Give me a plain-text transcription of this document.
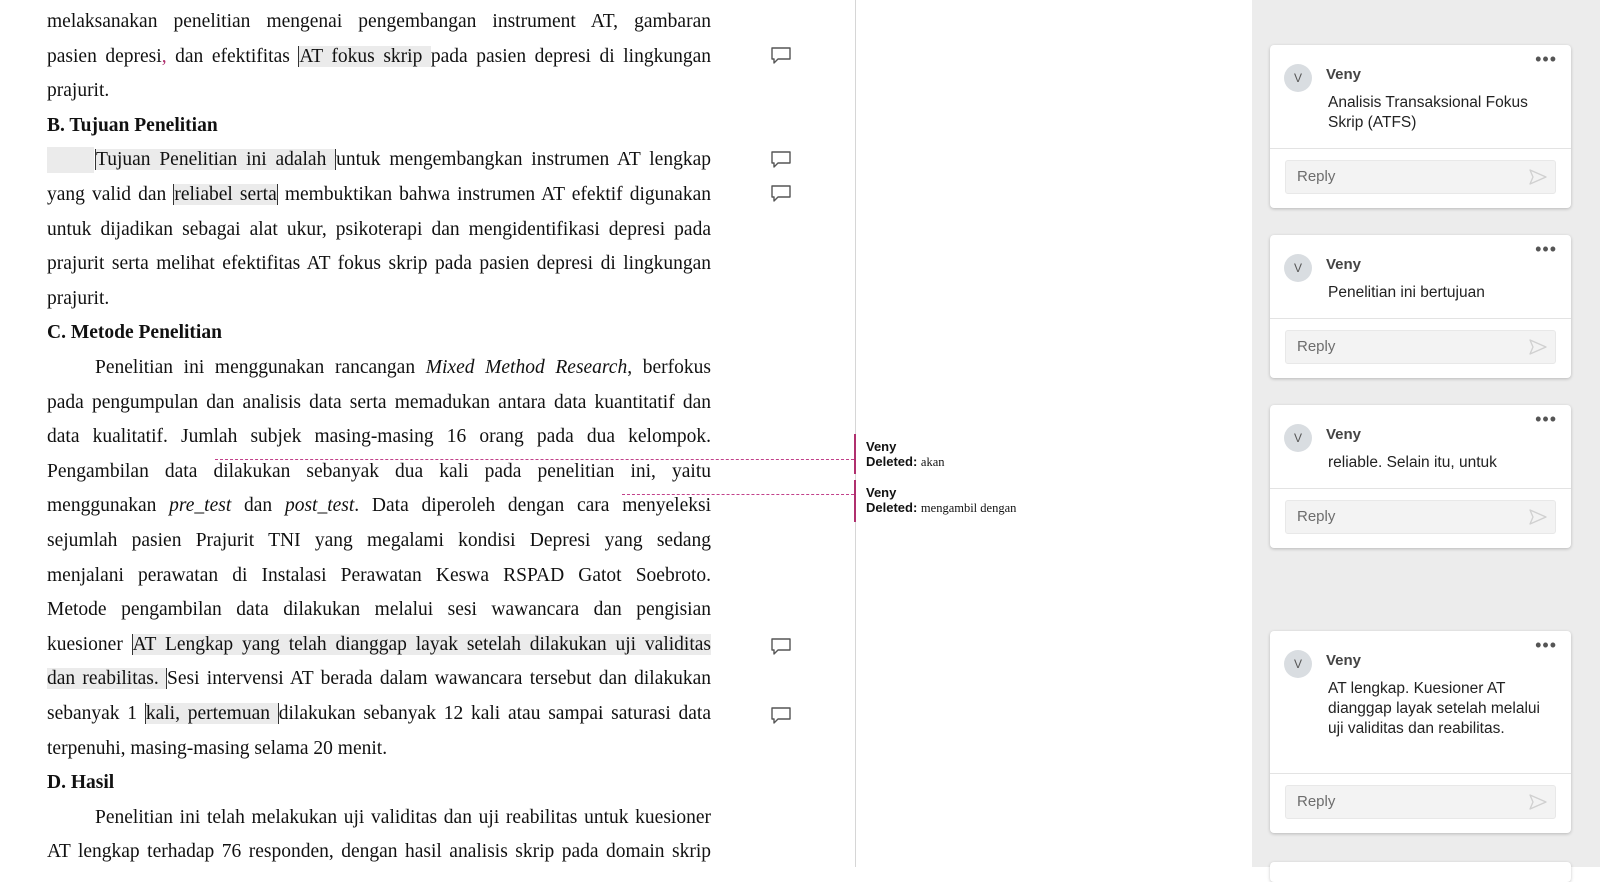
melaksanakan penelitian mengenai pengembangan instrument AT, gambaran
pasien depresi, dan efektifitas AT fokus skrip pada pasien depresi di lingkungan
prajurit.
B. Tujuan Penelitian
Tujuan Penelitian ini adalah untuk mengembangkan instrumen AT lengkap
yang valid dan reliabel serta membuktikan bahwa instrumen AT efektif digunakan
untuk dijadikan sebagai alat ukur, psikoterapi dan mengidentifikasi depresi pada
prajurit serta melihat efektifitas AT fokus skrip pada pasien depresi di lingkungan
prajurit.
C. Metode Penelitian
Penelitian ini menggunakan rancangan Mixed Method Research, berfokus
pada pengumpulan dan analisis data serta memadukan antara data kuantitatif dan
data kualitatif. Jumlah subjek masing-masing 16 orang pada dua kelompok.
Pengambilan data dilakukan sebanyak dua kali pada penelitian ini, yaitu
menggunakan pre_test dan post_test. Data diperoleh dengan cara menyeleksi
sejumlah pasien Prajurit TNI yang megalami kondisi Depresi yang sedang
menjalani perawatan di Instalasi Perawatan Keswa RSPAD Gatot Soebroto.
Metode pengambilan data dilakukan melalui sesi wawancara dan pengisian
kuesioner AT Lengkap yang telah dianggap layak setelah dilakukan uji validitas
dan reabilitas. Sesi intervensi AT berada dalam wawancara tersebut dan dilakukan
sebanyak 1 kali, pertemuan dilakukan sebanyak 12 kali atau sampai saturasi data
terpenuhi, masing-masing selama 20 menit.
D. Hasil
Penelitian ini telah melakukan uji validitas dan uji reabilitas untuk kuesioner
AT lengkap terhadap 76 responden, dengan hasil analisis skrip pada domain skrip
Veny
Deleted: akan
Veny
Deleted: mengambil dengan
V	Veny
•••
Analisis Transaksional Fokus Skrip (ATFS)
Reply
V	Veny
•••
Penelitian ini bertujuan
Reply
V	Veny
•••
reliable. Selain itu, untuk
Reply
V	Veny
•••
AT lengkap. Kuesioner AT dianggap layak setelah melalui uji validitas dan reabilitas.
Reply
